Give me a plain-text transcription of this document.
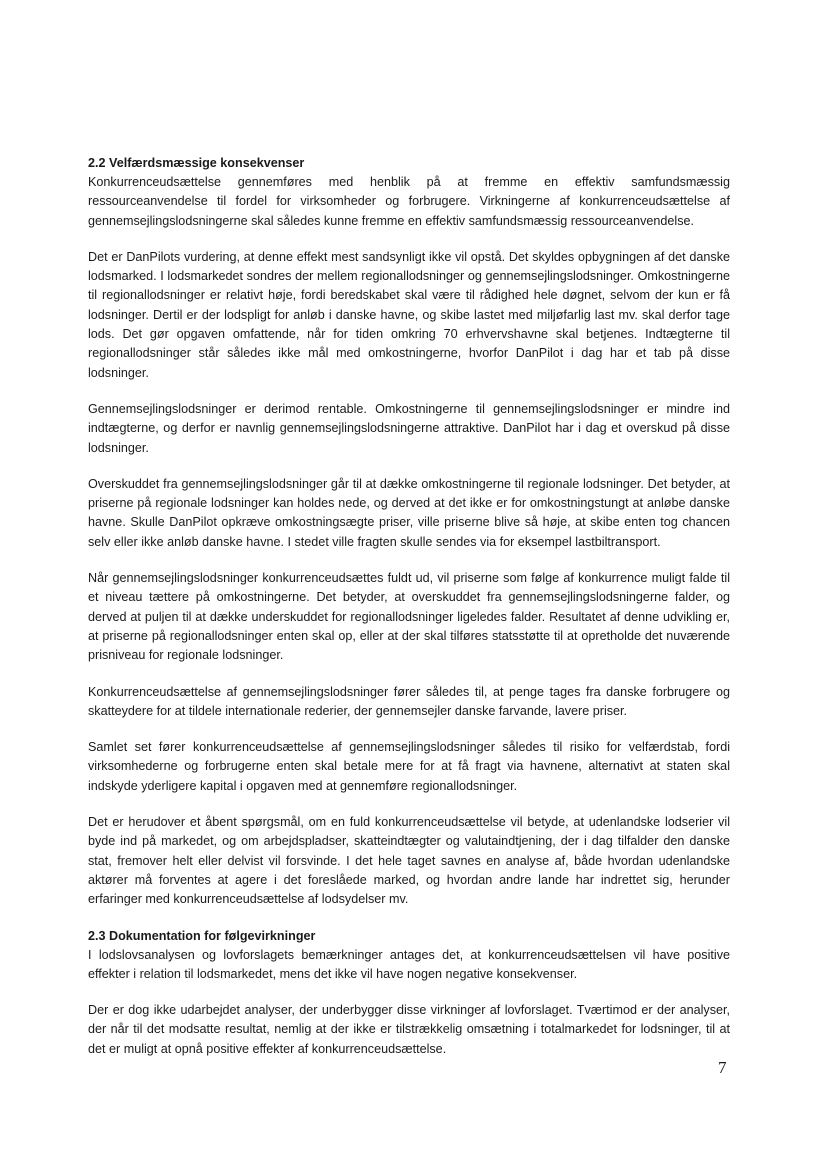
2.2 Velfærdsmæssige konsekvenser

Konkurrenceudsættelse gennemføres med henblik på at fremme en effektiv samfundsmæssig ressourceanvendelse til fordel for virksomheder og forbrugere. Virkningerne af konkurrenceudsættelse af gennemsejlingslodsningerne skal således kunne fremme en effektiv samfundsmæssig ressourceanvendelse.

Det er DanPilots vurdering, at denne effekt mest sandsynligt ikke vil opstå. Det skyldes opbygningen af det danske lodsmarked. I lodsmarkedet sondres der mellem regionallodsninger og gennemsejlingslodsninger. Omkostningerne til regionallodsninger er relativt høje, fordi beredskabet skal være til rådighed hele døgnet, selvom der kun er få lodsninger. Dertil er der lodspligt for anløb i danske havne, og skibe lastet med miljøfarlig last mv. skal derfor tage lods. Det gør opgaven omfattende, når for tiden omkring 70 erhvervshavne skal betjenes. Indtægterne til regionallodsninger står således ikke mål med omkostningerne, hvorfor DanPilot i dag har et tab på disse lodsninger.

Gennemsejlingslodsninger er derimod rentable. Omkostningerne til gennemsejlingslodsninger er mindre ind indtægterne, og derfor er navnlig gennemsejlingslodsningerne attraktive. DanPilot har i dag et overskud på disse lodsninger.

Overskuddet fra gennemsejlingslodsninger går til at dække omkostningerne til regionale lodsninger. Det betyder, at priserne på regionale lodsninger kan holdes nede, og derved at det ikke er for omkostningstungt at anløbe danske havne. Skulle DanPilot opkræve omkostningsægte priser, ville priserne blive så høje, at skibe enten tog chancen selv eller ikke anløb danske havne. I stedet ville fragten skulle sendes via for eksempel lastbiltransport.

Når gennemsejlingslodsninger konkurrenceudsættes fuldt ud, vil priserne som følge af konkurrence muligt falde til et niveau tættere på omkostningerne. Det betyder, at overskuddet fra gennemsejlingslodsningerne falder, og derved at puljen til at dække underskuddet for regionallodsninger ligeledes falder. Resultatet af denne udvikling er, at priserne på regionallodsninger enten skal op, eller at der skal tilføres statsstøtte til at opretholde det nuværende prisniveau for regionale lodsninger.

Konkurrenceudsættelse af gennemsejlingslodsninger fører således til, at penge tages fra danske forbrugere og skatteydere for at tildele internationale rederier, der gennemsejler danske farvande, lavere priser.

Samlet set fører konkurrenceudsættelse af gennemsejlingslodsninger således til risiko for velfærdstab, fordi virksomhederne og forbrugerne enten skal betale mere for at få fragt via havnene, alternativt at staten skal indskyde yderligere kapital i opgaven med at gennemføre regionallodsninger.

Det er herudover et åbent spørgsmål, om en fuld konkurrenceudsættelse vil betyde, at udenlandske lodserier vil byde ind på markedet, og om arbejdspladser, skatteindtægter og valutaindtjening, der i dag tilfalder den danske stat, fremover helt eller delvist vil forsvinde. I det hele taget savnes en analyse af, både hvordan udenlandske aktører må forventes at agere i det foreslåede marked, og hvordan andre lande har indrettet sig, herunder erfaringer med konkurrenceudsættelse af lodsydelser mv.

2.3 Dokumentation for følgevirkninger

I lodslovsanalysen og lovforslagets bemærkninger antages det, at konkurrenceudsættelsen vil have positive effekter i relation til lodsmarkedet, mens det ikke vil have nogen negative konsekvenser.

Der er dog ikke udarbejdet analyser, der underbygger disse virkninger af lovforslaget. Tværtimod er der analyser, der når til det modsatte resultat, nemlig at der ikke er tilstrækkelig omsætning i totalmarkedet for lodsninger, til at det er muligt at opnå positive effekter af konkurrenceudsættelse.

7
